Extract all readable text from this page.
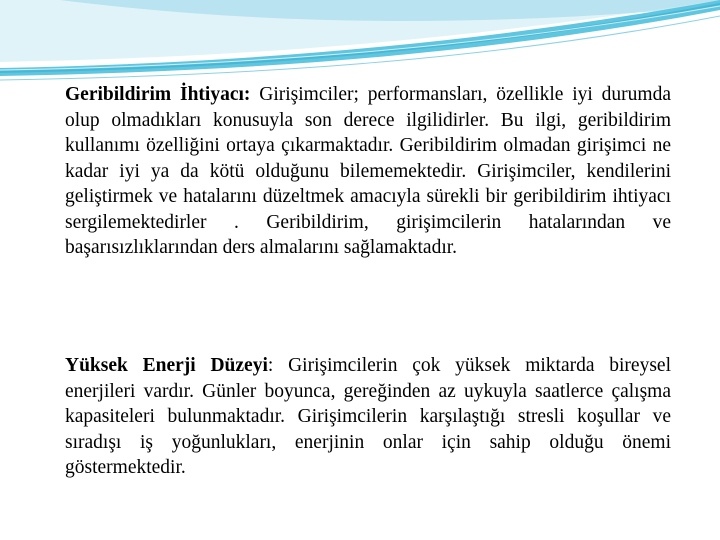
Geribildirim İhtiyacı: Girişimciler; performansları, özellikle iyi durumda olup olmadıkları konusuyla son derece ilgilidirler. Bu ilgi, geribildirim kullanımı özelliğini ortaya çıkarmaktadır. Geribildirim olmadan girişimci ne kadar iyi ya da kötü olduğunu bilememektedir. Girişimciler, kendilerini geliştirmek ve hatalarını düzeltmek amacıyla sürekli bir geribildirim ihtiyacı sergilemektedirler . Geribildirim, girişimcilerin hatalarından ve başarısızlıklarından ders almalarını sağlamaktadır.

Yüksek Enerji Düzeyi: Girişimcilerin çok yüksek miktarda bireysel enerjileri vardır. Günler boyunca, gereğinden az uykuyla saatlerce çalışma kapasiteleri bulunmaktadır. Girişimcilerin karşılaştığı stresli koşullar ve sıradışı iş yoğunlukları, enerjinin onlar için sahip olduğu önemi göstermektedir.
